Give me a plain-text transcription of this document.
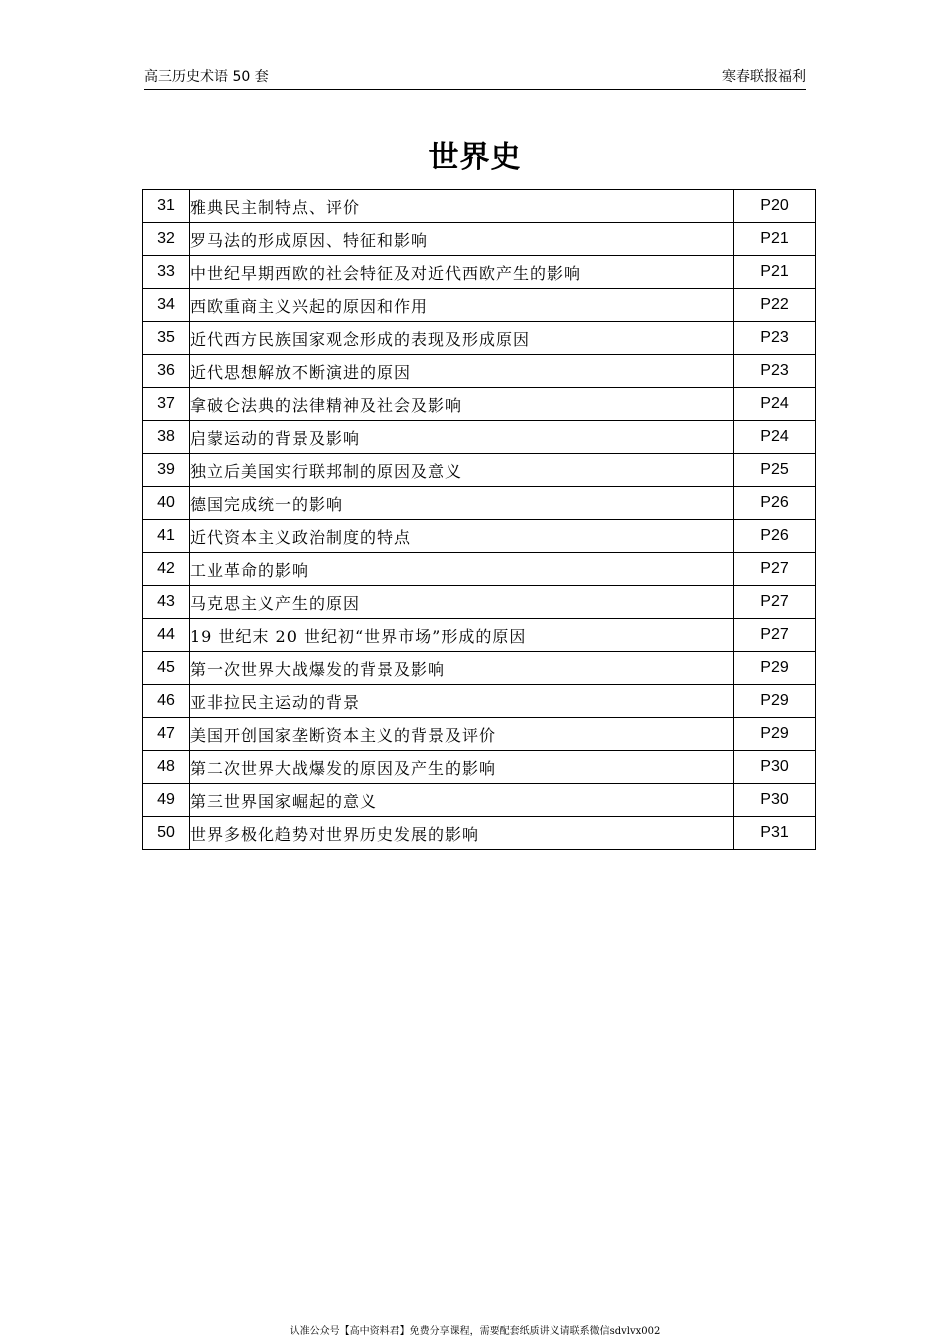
高三历史术语 50 套	寒春联报福利
世界史
31	雅典民主制特点、评价	P20
32	罗马法的形成原因、特征和影响	P21
33	中世纪早期西欧的社会特征及对近代西欧产生的影响	P21
34	西欧重商主义兴起的原因和作用	P22
35	近代西方民族国家观念形成的表现及形成原因	P23
36	近代思想解放不断演进的原因	P23
37	拿破仑法典的法律精神及社会及影响	P24
38	启蒙运动的背景及影响	P24
39	独立后美国实行联邦制的原因及意义	P25
40	德国完成统一的影响	P26
41	近代资本主义政治制度的特点	P26
42	工业革命的影响	P27
43	马克思主义产生的原因	P27
44	19 世纪末 20 世纪初“世界市场”形成的原因	P27
45	第一次世界大战爆发的背景及影响	P29
46	亚非拉民主运动的背景	P29
47	美国开创国家垄断资本主义的背景及评价	P29
48	第二次世界大战爆发的原因及产生的影响	P30
49	第三世界国家崛起的意义	P30
50	世界多极化趋势对世界历史发展的影响	P31
认准公众号【高中资料君】免费分享课程，需要配套纸质讲义请联系微信sdvlvx002
